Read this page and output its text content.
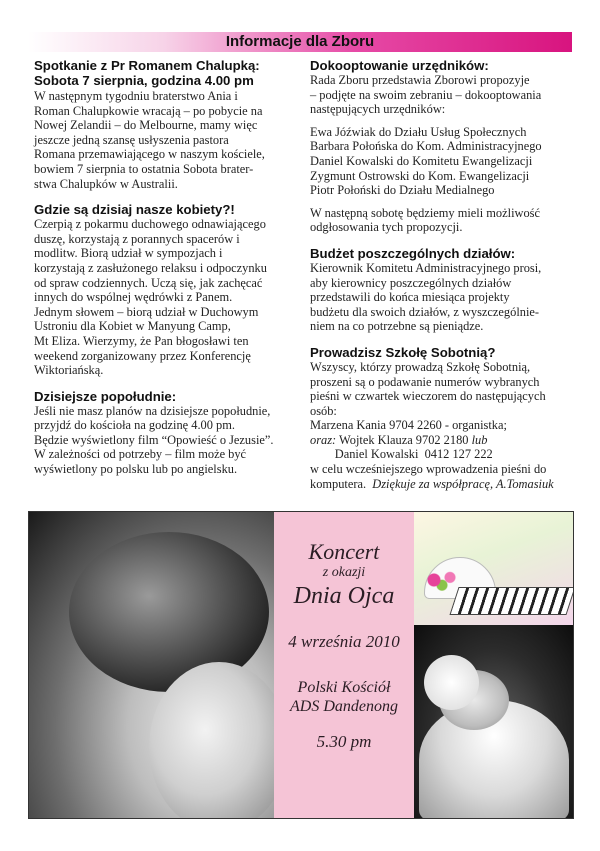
Informacje dla Zboru
Spotkanie z Pr Romanem Chalupką:
Sobota 7 sierpnia, godzina 4.00 pm

W następnym tygodniu braterstwo Ania i

Roman Chalupkowie wracają – po pobycie na

Nowej Zelandii – do Melbourne, mamy więc

jeszcze jedną szansę usłyszenia pastora

Romana przemawiającego w naszym kościele,

bowiem 7 sierpnia to ostatnia Sobota brater-

stwa Chalupków w Australii.

Gdzie są dzisiaj nasze kobiety?!

Czerpią z pokarmu duchowego odnawiającego

duszę, korzystają z porannych spacerów i

modlitw. Biorą udział w sympozjach i

korzystają z zasłużonego relaksu i odpoczynku

od spraw codziennych. Uczą się, jak zachęcać

innych do wspólnej wędrówki z Panem.

Jednym słowem – biorą udział w Duchowym

Ustroniu dla Kobiet w Manyung Camp,

Mt Eliza. Wierzymy, że Pan błogosławi ten

weekend zorganizowany przez Konferencję

Wiktoriańską.

Dzisiejsze popołudnie:

Jeśli nie masz planów na dzisiejsze popołudnie,

przyjdź do kościoła na godzinę 4.00 pm.

Będzie wyświetlony film “Opowieść o Jezusie”.

W zależności od potrzeby – film może być

wyświetlony po polsku lub po angielsku.

Dokooptowanie urzędników:

Rada Zboru przedstawia Zborowi propozyje

– podjęte na swoim zebraniu – dokooptowania

następujących urzędników:

Ewa Jóźwiak do Działu Usług Społecznych

Barbara Połońska do Kom. Administracyjnego

Daniel Kowalski do Komitetu Ewangelizacji

Zygmunt Ostrowski do Kom. Ewangelizacji

Piotr Połoński do Działu Medialnego

W następną sobotę będziemy mieli możliwość

odgłosowania tych propozycji.

Budżet poszczególnych działów:

Kierownik Komitetu Administracyjnego prosi,

aby kierownicy poszczególnych działów

przedstawili do końca miesiąca projekty

budżetu dla swoich działów, z wyszczególnie-

niem na co potrzebne są pieniądze.

Prowadzisz Szkołę Sobotnią?

Wszyscy, którzy prowadzą Szkołę Sobotnią,

proszeni są o podawanie numerów wybranych

pieśni w czwartek wieczorem do następujących

osób:

Marzena Kania 9704 2260 - organistka;

oraz: Wojtek Klauza 9702 2180 lub

Daniel Kowalski  0412 127 222

w celu wcześniejszego wprowadzenia pieśni do

komputera.  Dziękuje za współpracę, A.Tomasiuk

Koncert

z okazji

Dnia Ojca

4 września 2010

Polski Kościół

ADS Dandenong

5.30 pm
